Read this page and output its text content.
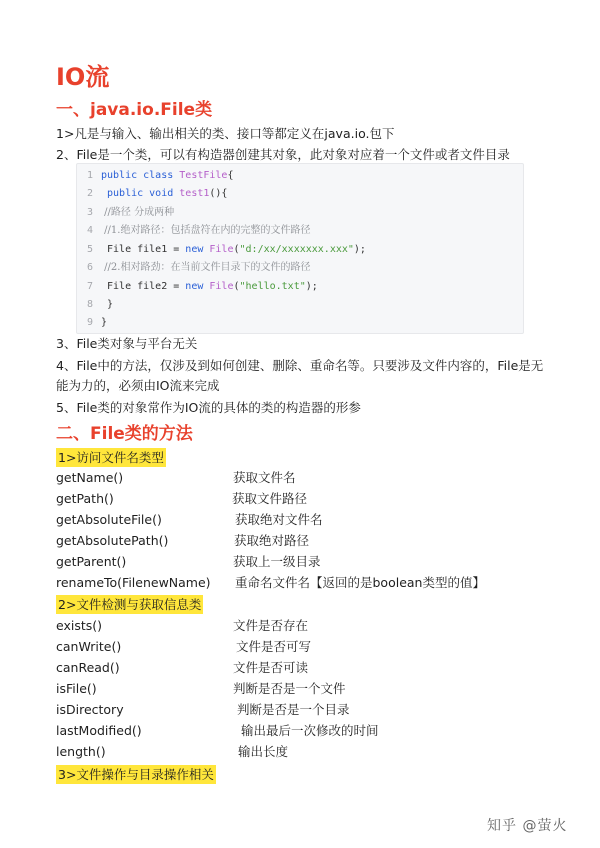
IO流
一、java.io.File类

1>凡是与输入、输出相关的类、接口等都定义在java.io.包下

2、File是一个类，可以有构造器创建其对象，此对象对应着一个文件或者文件目录

1 public class TestFile{
2 public void test1(){
3 //路径 分成两种
4 //1.绝对路径：包括盘符在内的完整的文件路径
5 File file1 = new File("d:/xx/xxxxxxx.xxx");
6 //2.相对路劲：在当前文件目录下的文件的路径
7 File file2 = new File("hello.txt");
8 }
9 }

3、File类对象与平台无关

4、File中的方法，仅涉及到如何创建、删除、重命名等。只要涉及文件内容的，File是无能为力的，必须由IO流来完成

5、File类的对象常作为IO流的具体的类的构造器的形参

二、File类的方法
1>访问文件名类型
getName()	获取文件名
getPath()	获取文件路径
getAbsoluteFile()	获取绝对文件名
getAbsolutePath()	获取绝对路径
getParent()	获取上一级目录
renameTo(FilenewName) 重命名文件名【返回的是boolean类型的值】
2>文件检测与获取信息类
exists()	文件是否存在
canWrite()	文件是否可写
canRead()	文件是否可读
isFile()	判断是否是一个文件
isDirectory	判断是否是一个目录
lastModified()	输出最后一次修改的时间
length()	输出长度
3>文件操作与目录操作相关
知乎 @萤火
